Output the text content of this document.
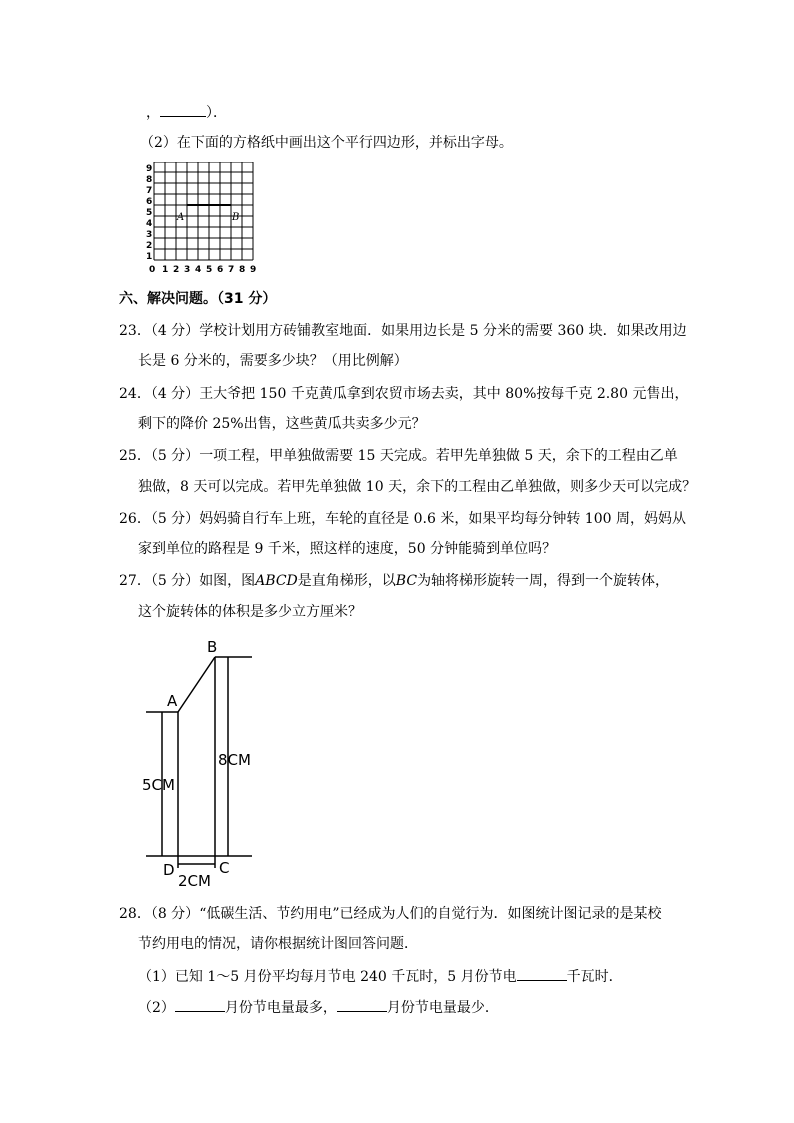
，	）．
（2）在下面的方格纸中画出这个平行四边形，并标出字母。
9
8
7
6
5
4
3
2
1
0 1 2 3 4 5 6 7 8 9
A	B
六、解决问题。（31 分）
23．（4 分）学校计划用方砖铺教室地面．如果用边长是 5 分米的需要 360 块．如果改用边
长是 6 分米的，需要多少块？（用比例解）
24．（4 分）王大爷把 150 千克黄瓜拿到农贸市场去卖，其中 80%按每千克 2.80 元售出，
剩下的降价 25%出售，这些黄瓜共卖多少元？
25．（5 分）一项工程，甲单独做需要 15 天完成。若甲先单独做 5 天，余下的工程由乙单
独做，8 天可以完成。若甲先单独做 10 天，余下的工程由乙单独做，则多少天可以完成？
26．（5 分）妈妈骑自行车上班，车轮的直径是 0.6 米，如果平均每分钟转 100 周，妈妈从
家到单位的路程是 9 千米，照这样的速度，50 分钟能骑到单位吗？
27．（5 分）如图，图ABCD是直角梯形，以BC为轴将梯形旋转一周，得到一个旋转体，
这个旋转体的体积是多少立方厘米？
A
B
C
D
5CM
8CM
2CM
28．（8 分）“低碳生活、节约用电”已经成为人们的自觉行为．如图统计图记录的是某校
节约用电的情况，请你根据统计图回答问题．
（1）已知 1～5 月份平均每月节电 240 千瓦时，5 月份节电	千瓦时．
（2）	月份节电量最多，	月份节电量最少．
